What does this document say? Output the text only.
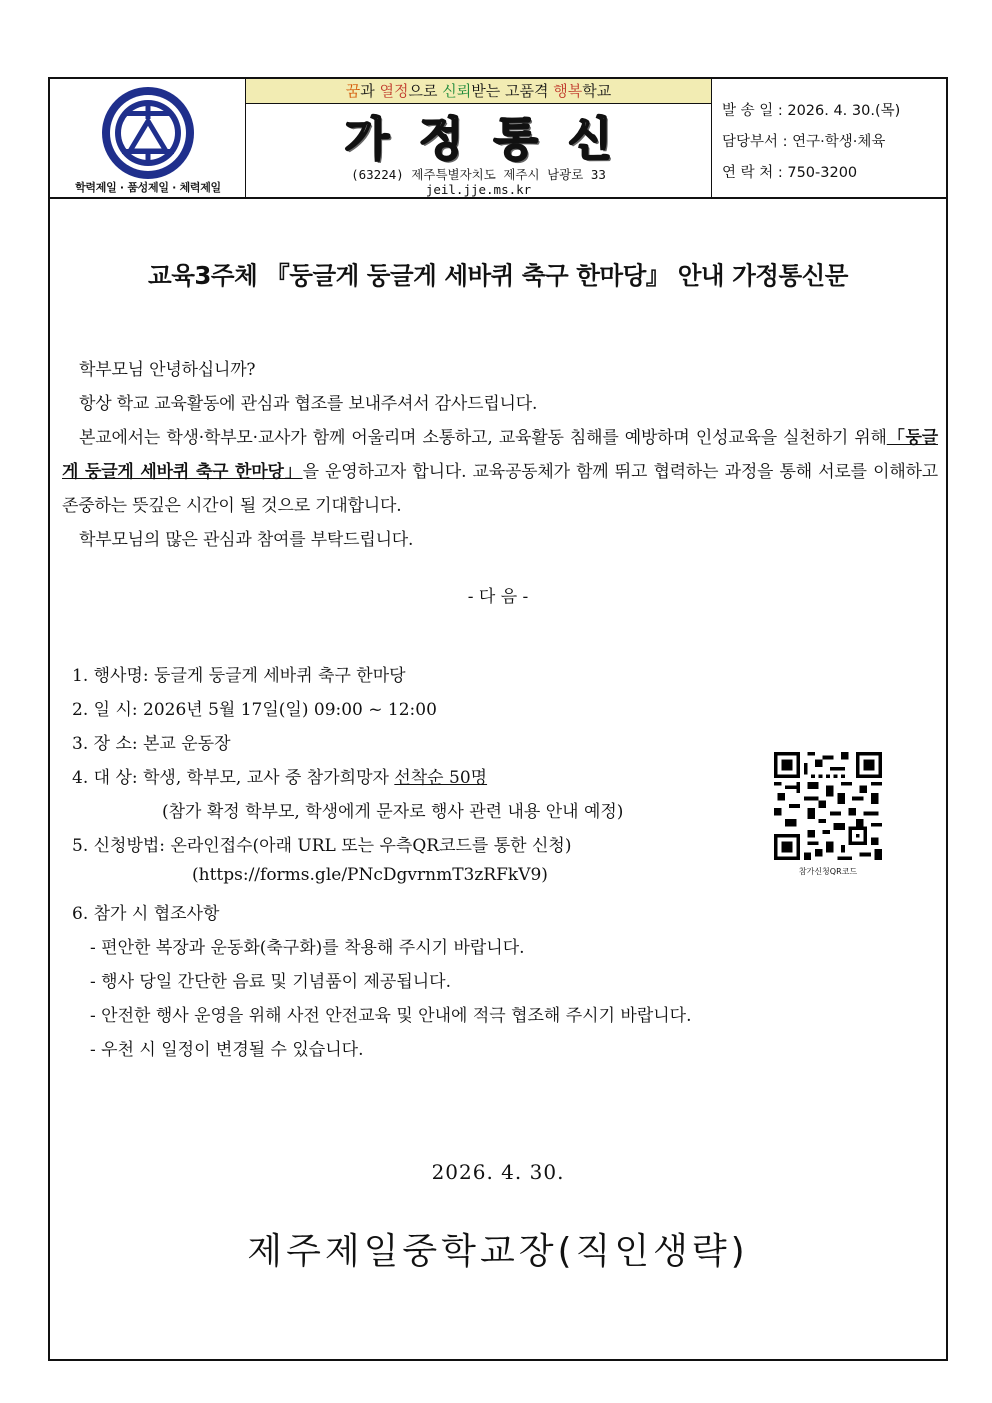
학력제일 · 품성제일 · 체력제일
꿈과 열정으로 신뢰받는 고품격 행복학교
가정통신
(63224) 제주특별자치도 제주시 남광로 33
jeil.jje.ms.kr
발 송 일 : 2026. 4. 30.(목)
담당부서 : 연구·학생·체육
연 락 처 : 750-3200
교육3주체 『둥글게 둥글게 세바퀴 축구 한마당』 안내 가정통신문

학부모님 안녕하십니까?

항상 학교 교육활동에 관심과 협조를 보내주셔서 감사드립니다.

본교에서는 학생·학부모·교사가 함께 어울리며 소통하고, 교육활동 침해를 예방하며 인성교육을 실천하기 위해「둥글게 둥글게 세바퀴 축구 한마당」을 운영하고자 합니다. 교육공동체가 함께 뛰고 협력하는 과정을 통해 서로를 이해하고 존중하는 뜻깊은 시간이 될 것으로 기대합니다.

학부모님의 많은 관심과 참여를 부탁드립니다.

- 다 음 -
1. 행사명: 둥글게 둥글게 세바퀴 축구 한마당
2. 일 시: 2026년 5월 17일(일) 09:00 ~ 12:00
3. 장 소: 본교 운동장
4. 대 상: 학생, 학부모, 교사 중 참가희망자 선착순 50명
(참가 확정 학부모, 학생에게 문자로 행사 관련 내용 안내 예정)
5. 신청방법: 온라인접수(아래 URL 또는 우측QR코드를 통한 신청)
(https://forms.gle/PNcDgvrnmT3zRFkV9)
6. 참가 시 협조사항
- 편안한 복장과 운동화(축구화)를 착용해 주시기 바랍니다.
- 행사 당일 간단한 음료 및 기념품이 제공됩니다.
- 안전한 행사 운영을 위해 사전 안전교육 및 안내에 적극 협조해 주시기 바랍니다.
- 우천 시 일정이 변경될 수 있습니다.
참가신청QR코드
2026. 4. 30.
제주제일중학교장(직인생략)
